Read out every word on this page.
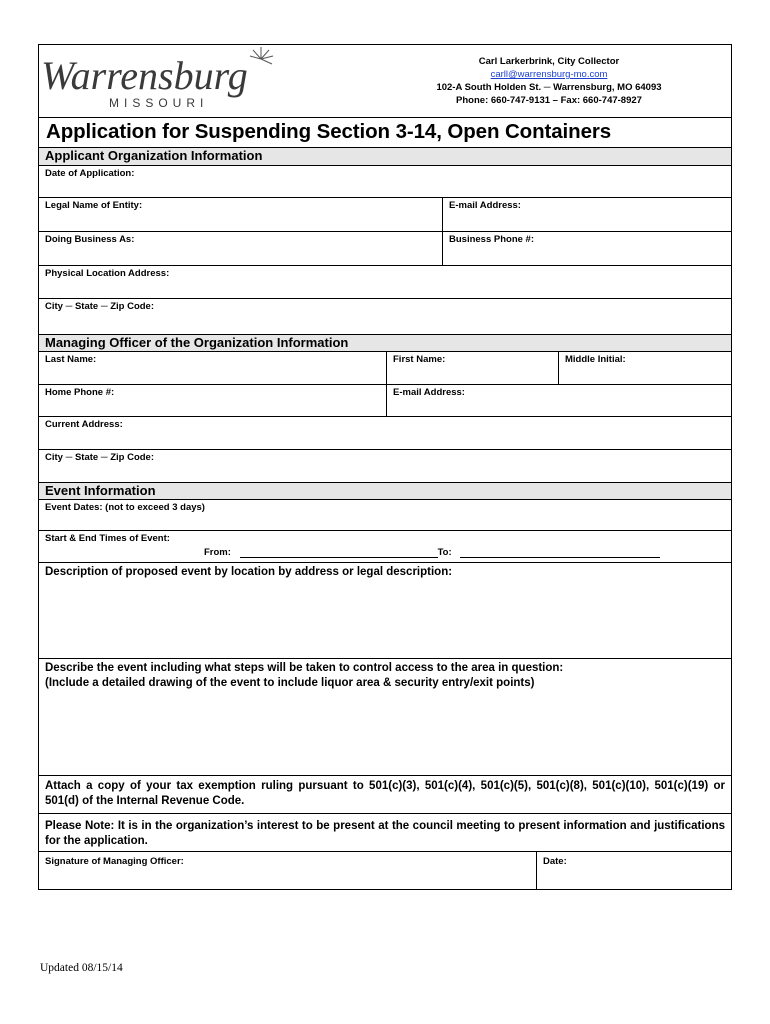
Warrensburg
MISSOURI
Carl Larkerbrink, City Collector
carll@warrensburg-mo.com
102-A South Holden St. ─ Warrensburg, MO 64093
Phone: 660-747-9131 – Fax: 660-747-8927
Application for Suspending Section 3-14, Open Containers
Applicant Organization Information
Date of Application:
Legal Name of Entity:	E-mail Address:
Doing Business As:	Business Phone #:
Physical Location Address:
City ─ State ─ Zip Code:
Managing Officer of the Organization Information
Last Name:	First Name:	Middle Initial:
Home Phone #:	E-mail Address:
Current Address:
City ─ State ─ Zip Code:
Event Information
Event Dates: (not to exceed 3 days)
Start & End Times of Event:
From:	To:
Description of proposed event by location by address or legal description:
Describe the event including what steps will be taken to control access to the area in question:
(Include a detailed drawing of the event to include liquor area & security entry/exit points)
Attach a copy of your tax exemption ruling pursuant to 501(c)(3), 501(c)(4), 501(c)(5), 501(c)(8), 501(c)(10), 501(c)(19) or 501(d) of the Internal Revenue Code.
Please Note: It is in the organization’s interest to be present at the council meeting to present information and justifications for the application.
Signature of Managing Officer:	Date:
Updated 08/15/14
